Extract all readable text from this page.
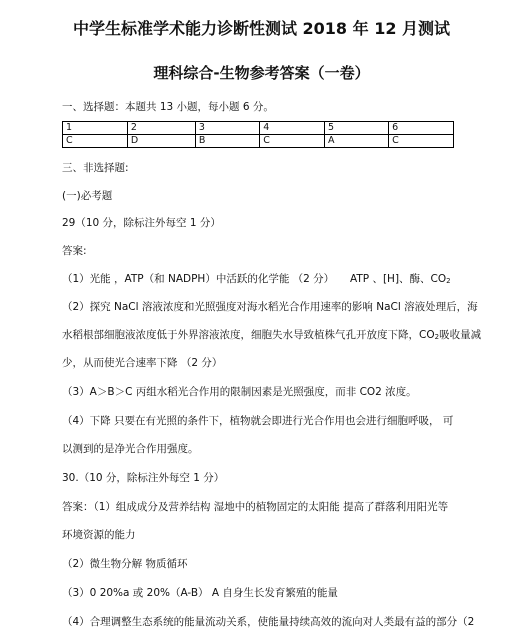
中学生标准学术能力诊断性测试 2018 年 12 月测试
理科综合-生物参考答案（一卷）
一、选择题：本题共 13 小题，每小题 6 分。
1	2	3	4	5	6
C	D	B	C	A	C
三、非选择题:
(一)必考题
29（10 分，除标注外每空 1 分）
答案:
（1）光能 ，ATP（和 NADPH）中活跃的化学能 （2 分） ATP 、[H]、酶、$CO_2$
（2）探究 NaCl 溶液浓度和光照强度对海水稻光合作用速率的影响 NaCl 溶液处理后，海
水稻根部细胞液浓度低于外界溶液浓度，细胞失水导致植株气孔开放度下降，$CO_2$吸收量减
少，从而使光合速率下降 （2 分）
（3）A＞B＞C 丙组水稻光合作用的限制因素是光照强度，而非 CO2 浓度。
（4）下降 只要在有光照的条件下，植物就会即进行光合作用也会进行细胞呼吸， 可
以测到的是净光合作用强度。
30.（10 分，除标注外每空 1 分）
答案：（1）组成成分及营养结构 湿地中的植物固定的太阳能 提高了群落利用阳光等
环境资源的能力
（2）微生物分解 物质循环
（3）0 20%a 或 20%（A-B） A 自身生长发育繁殖的能量
（4）合理调整生态系统的能量流动关系，使能量持续高效的流向对人类最有益的部分（2
